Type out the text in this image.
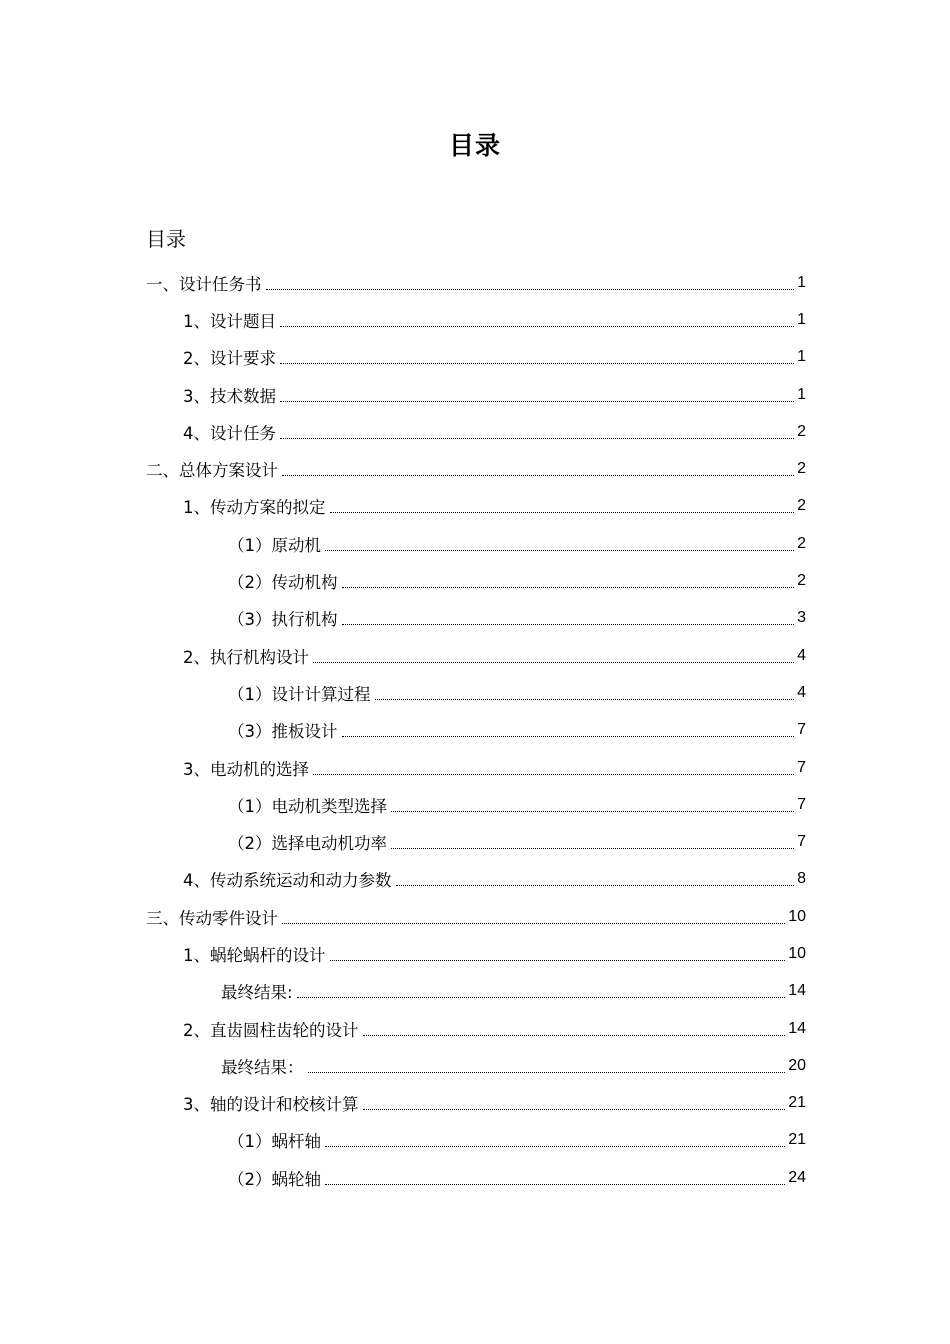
目录
目录
一、设计任务书	1
1、设计题目	1
2、设计要求	1
3、技术数据	1
4、设计任务	2
二、总体方案设计	2
1、传动方案的拟定	2
（1）原动机	2
（2）传动机构	2
（3）执行机构	3
2、执行机构设计	4
（1）设计计算过程	4
（3）推板设计	7
3、电动机的选择	7
（1）电动机类型选择	7
（2）选择电动机功率	7
4、传动系统运动和动力参数	8
三、传动零件设计	10
1、蜗轮蜗杆的设计	10
最终结果:	14
2、直齿圆柱齿轮的设计	14
最终结果：	20
3、轴的设计和校核计算	21
（1）蜗杆轴	21
（2）蜗轮轴	24
